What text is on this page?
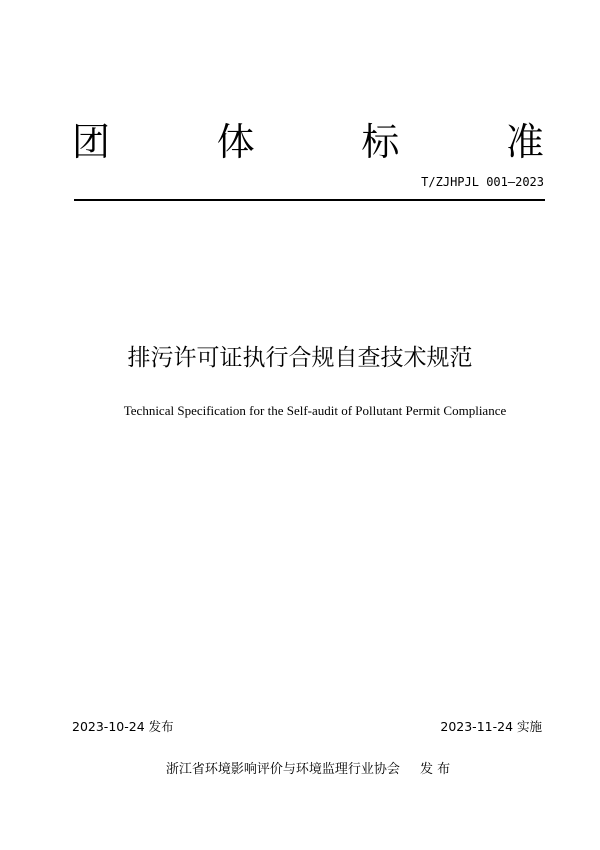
团	体	标	准
T/ZJHPJL 001—2023
排污许可证执行合规自查技术规范
Technical Specification for the Self-audit of Pollutant Permit Compliance
2023-10-24 发布	2023-11-24 实施
浙江省环境影响评价与环境监理行业协会 发 布
